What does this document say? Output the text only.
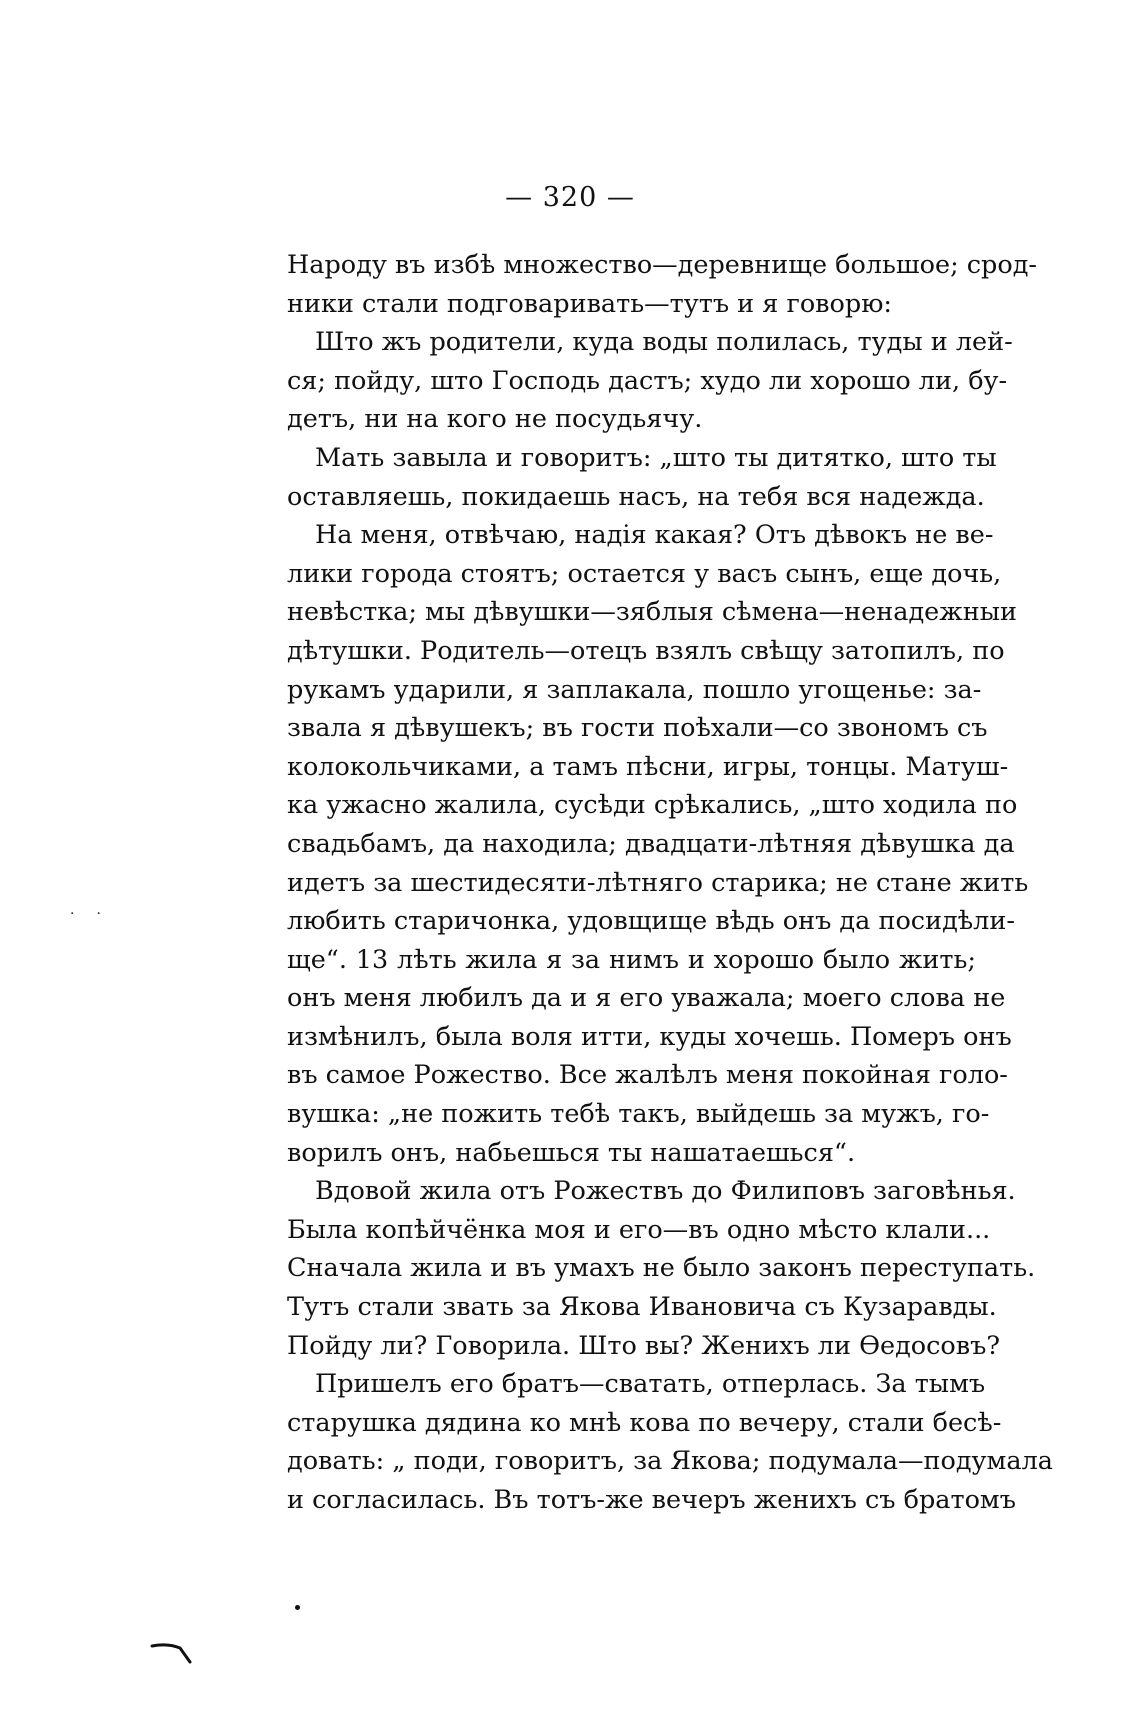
— 320 —
Народу въ избѣ множество—деревнище большое; срод-
ники стали подговаривать—тутъ и я говорю:
Што жъ родители, куда воды полилась, туды и лей-
ся; пойду, што Господь дастъ; худо ли хорошо ли, бу-
детъ, ни на кого не посудьячу.
Мать завыла и говоритъ: „што ты дитятко, што ты
оставляешь, покидаешь насъ, на тебя вся надежда.
На меня, отвѣчаю, надія какая? Отъ дѣвокъ не ве-
лики города стоятъ; остается у васъ сынъ, еще дочь,
невѣстка; мы дѣвушки—зяблыя сѣмена—ненадежныи
дѣтушки. Родитель—отецъ взялъ свѣщу затопилъ, по
рукамъ ударили, я заплакала, пошло угощенье: за-
звала я дѣвушекъ; въ гости поѣхали—со звономъ съ
колокольчиками, а тамъ пѣсни, игры, тонцы. Матуш-
ка ужасно жалила, сусѣди срѣкались, „што ходила по
свадьбамъ, да находила; двадцати-лѣтняя дѣвушка да
идетъ за шестидесяти-лѣтняго старика; не стане жить
любить старичонка, удовщище вѣдь онъ да посидѣли-
ще“. 13 лѣть жила я за нимъ и хорошо было жить;
онъ меня любилъ да и я его уважала; моего слова не
измѣнилъ, была воля итти, куды хочешь. Померъ онъ
въ самое Рожество. Все жалѣлъ меня покойная голо-
вушка: „не пожить тебѣ такъ, выйдешь за мужъ, го-
ворилъ онъ, набьешься ты нашатаешься“.
Вдовой жила отъ Рожествъ до Филиповъ заговѣнья.
Была копѣйчёнка моя и его—въ одно мѣсто клали...
Сначала жила и въ умахъ не было законъ переступать.
Тутъ стали звать за Якова Ивановича съ Кузаравды.
Пойду ли? Говорила. Што вы? Женихъ ли Ѳедосовъ?
Пришелъ его братъ—сватать, отперлась. За тымъ
старушка дядина ко мнѣ кова по вечеру, стали бесѣ-
довать: „ поди, говоритъ, за Якова; подумала—подумала
и согласилась. Въ тотъ-же вечеръ женихъ съ братомъ
··
